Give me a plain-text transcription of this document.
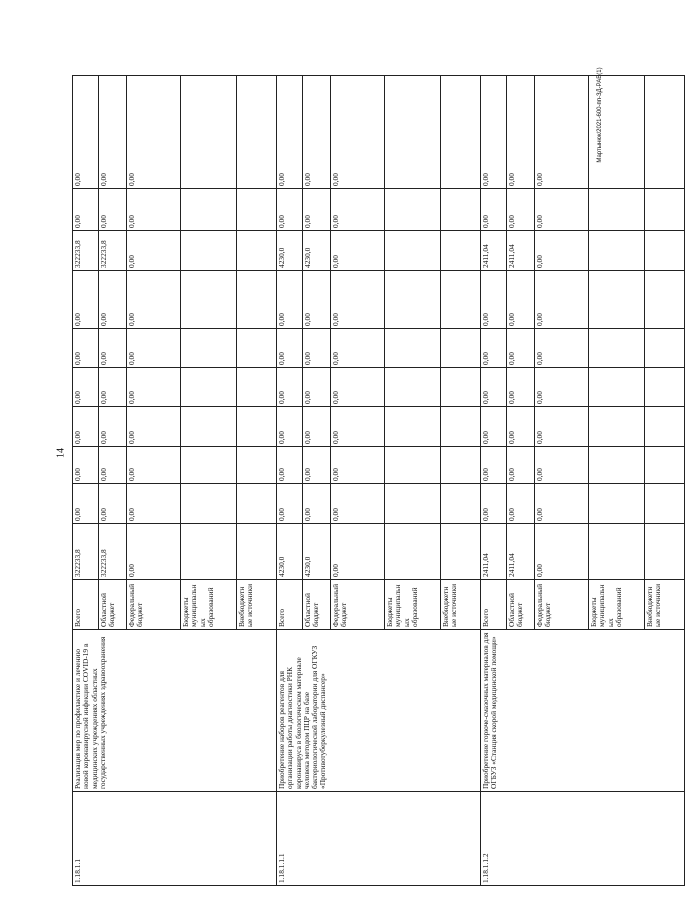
14
Мартынюк/2021-600-пп-ЗД-РАВ(1)
1.18.1.1	Реализация мер по профилактике и лечению новой коронавирусной инфекции COVID-19 в медицинских учреждениях областных государственных учреждениях здравоохранения	Всего	322233,8	0,00	0,00	0,00	0,00	0,00	0,00	322233,8	0,00	0,00
		Областной бюджет	322233,8	0,00	0,00	0,00	0,00	0,00	0,00	322233,8	0,00	0,00
		Федеральный бюджет	0,00	0,00	0,00	0,00	0,00	0,00	0,00	0,00	0,00	0,00
		Бюджеты муниципальных образований										
		Внебюджетные источники										
1.18.1.1.1	Приобретение наборов реагентов для организации работы диагностики РНК коронавируса в биологическом материале человека методом ПЦР на базе бактериологической лаборатории для ОГКУЗ «Противотуберкулезный диспансер»	Всего	4230,0	0,00	0,00	0,00	0,00	0,00	0,00	4230,0	0,00	0,00
		Областной бюджет	4230,0	0,00	0,00	0,00	0,00	0,00	0,00	4230,0	0,00	0,00
		Федеральный бюджет	0,00	0,00	0,00	0,00	0,00	0,00	0,00	0,00	0,00	0,00
		Бюджеты муниципальных образований										
		Внебюджетные источники										
1.18.1.1.2	Приобретение горюче-смазочных материалов для ОГБУЗ «Станция скорой медицинской помощи»	Всего	2411,04	0,00	0,00	0,00	0,00	0,00	0,00	2411,04	0,00	0,00
		Областной бюджет	2411,04	0,00	0,00	0,00	0,00	0,00	0,00	2411,04	0,00	0,00
		Федеральный бюджет	0,00	0,00	0,00	0,00	0,00	0,00	0,00	0,00	0,00	0,00
		Бюджеты муниципальных образований										
		Внебюджетные источники										
